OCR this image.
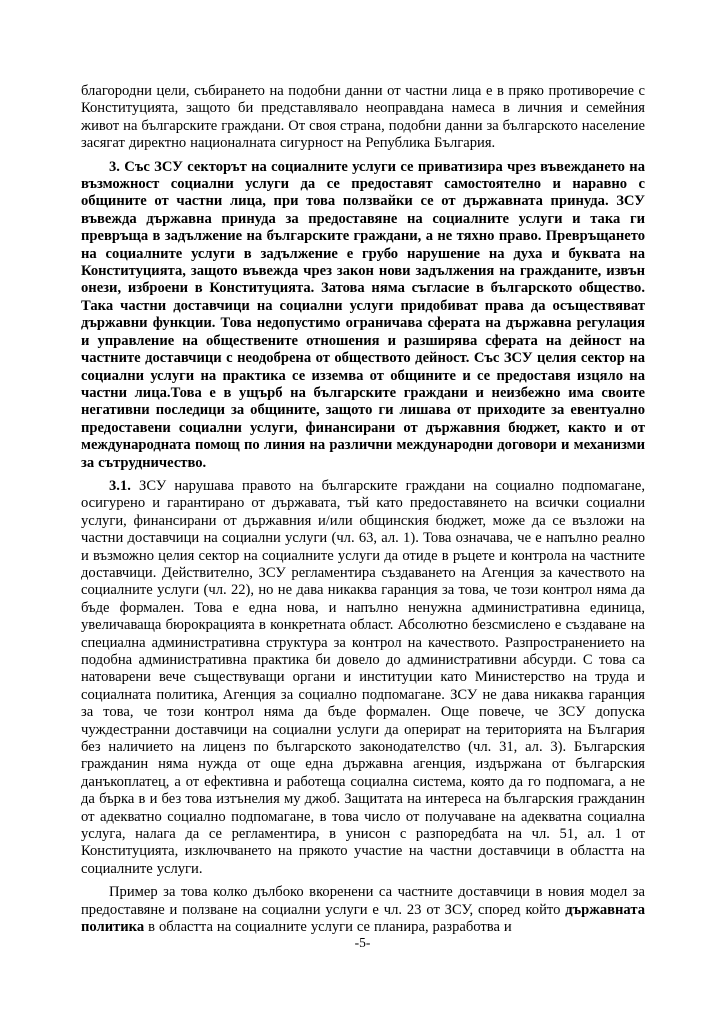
благородни цели, събирането на подобни данни от частни лица е в пряко противоречие с Конституцията, защото би представлявало неоправдана намеса в личния и семейния живот на българските граждани. От своя страна, подобни данни за българското население засягат директно националната сигурност на Република България.

3. Със ЗСУ секторът на социалните услуги се приватизира чрез въвеждането на възможност социални услуги да се предоставят самостоятелно и наравно с общините от частни лица, при това ползвайки се от държавната принуда. ЗСУ въвежда държавна принуда за предоставяне на социалните услуги и така ги превръща в задължение на българските граждани, а не тяхно право. Превръщането на социалните услуги в задължение е грубо нарушение на духа и буквата на Конституцията, защото въвежда чрез закон нови задължения на гражданите, извън онези, изброени в Конституцията. Затова няма съгласие в българското общество. Така частни доставчици на социални услуги придобиват права да осъществяват държавни функции. Това недопустимо ограничава сферата на държавна регулация и управление на обществените отношения и разширява сферата на дейност на частните доставчици с неодобрена от обществото дейност. Със ЗСУ целия сектор на социални услуги на практика се изземва от общините и се предоставя изцяло на частни лица.Това е в ущърб на българските граждани и неизбежно има своите негативни последици за общините, защото ги лишава от приходите за евентуално предоставени социални услуги, финансирани от държавния бюджет, както и от международната помощ по линия на различни международни договори и механизми за сътрудничество.

3.1. ЗСУ нарушава правото на българските граждани на социално подпомагане, осигурено и гарантирано от държавата, тъй като предоставянето на всички социални услуги, финансирани от държавния и/или общинския бюджет, може да се възложи на частни доставчици на социални услуги (чл. 63, ал. 1). Това означава, че е напълно реално и възможно целия сектор на социалните услуги да отиде в ръцете и контрола на частните доставчици. Действително, ЗСУ регламентира създаването на Агенция за качеството на социалните услуги (чл. 22), но не дава никаква гаранция за това, че този контрол няма да бъде формален. Това е една нова, и напълно ненужна административна единица, увеличаваща бюрокрацията в конкретната област. Абсолютно безсмислено е създаване на специална административна структура за контрол на качеството. Разпространението на подобна административна практика би довело до административни абсурди. С това са натоварени вече съществуващи органи и институции като Министерство на труда и социалната политика, Агенция за социално подпомагане. ЗСУ не дава никаква гаранция за това, че този контрол няма да бъде формален. Още повече, че ЗСУ допуска чуждестранни доставчици на социални услуги да оперират на територията на България без наличието на лиценз по българското законодателство (чл. 31, ал. 3). Българския гражданин няма нужда от още една държавна агенция, издържана от българския данъкоплатец, а от ефективна и работеща социална система, която да го подпомага, а не да бърка в и без това изтънелия му джоб. Защитата на интереса на българския гражданин от адекватно социално подпомагане, в това число от получаване на адекватна социална услуга, налага да се регламентира, в унисон с разпоредбата на чл. 51, ал. 1 от Конституцията, изключването на прякото участие на частни доставчици в областта на социалните услуги.

Пример за това колко дълбоко вкоренени са частните доставчици в новия модел за предоставяне и ползване на социални услуги е чл. 23 от ЗСУ, според който държавната политика в областта на социалните услуги се планира, разработва и

-5-
